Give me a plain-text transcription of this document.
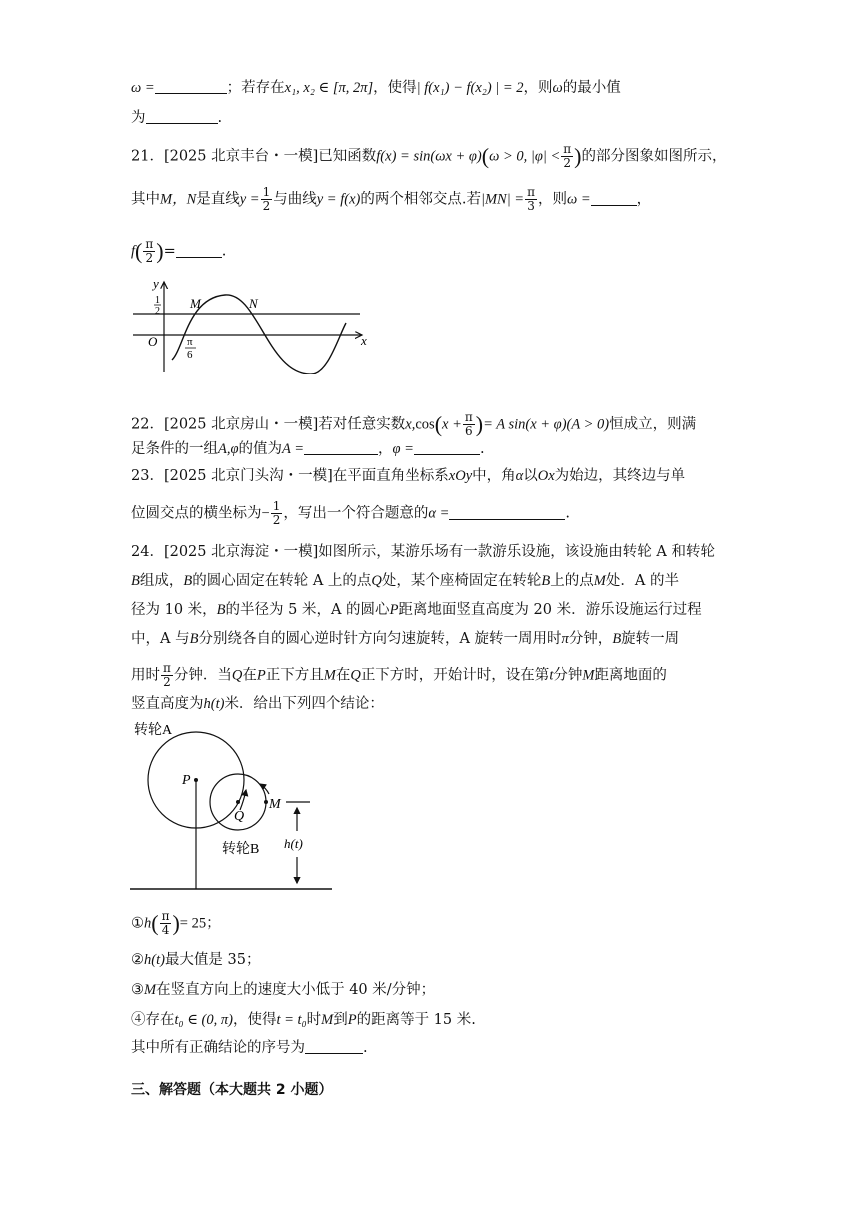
ω =	；若存在x₁, x₂ ∈ [π, 2π]，使得| f(x₁) − f(x₂) | = 2，则ω的最小值
为	.
21．[2025 北京丰台・一模]已知函数f(x) = sin(ωx + φ)(ω > 0, $|\varphi| < \frac{\pi}{2}$ )的部分图象如图所示，
其中M，N是直线$y = \frac{1}{2}$ 与曲线y = f(x)的两个相邻交点.若$|MN| = \frac{\pi}{3}$ ，则ω =	，
$f( \frac{\pi}{2}$ )=	.
y
1
2
M	N
O	π
6
x
22．[2025 北京房山・一模]若对任意实数$x,\cos(x + \frac{\pi}{6}$ )= A sin(x + φ)(A > 0)恒成立，则满
足条件的一组A,φ的值为A =	，φ =	.
23．[2025 北京门头沟・一模]在平面直角坐标系xOy中，角α以Ox为始边，其终边与单
位圆交点的横坐标为− $\frac{1}{2}$ ，写出一个符合题意的α =	.
24．[2025 北京海淀・一模]如图所示，某游乐场有一款游乐设施，该设施由转轮 A 和转轮
B组成，B的圆心固定在转轮 A 上的点Q处，某个座椅固定在转轮B上的点M处．A 的半
径为 10 米，B的半径为 5 米，A 的圆心P距离地面竖直高度为 20 米．游乐设施运行过程
中，A 与B分别绕各自的圆心逆时针方向匀速旋转，A 旋转一周用时π分钟，B旋转一周
用时 $\frac{\pi}{2}$ 分钟．当Q在P正下方且M在Q正下方时，开始计时，设在第t分钟M距离地面的
竖直高度为h(t)米．给出下列四个结论：
转轮A
P
Q
M
转轮B h(t)
①h( $\frac{\pi}{4}$ )= 25；
②h(t)最大值是 35；
③M在竖直方向上的速度大小低于 40 米/分钟；
④存在t₀ ∈ (0, π)，使得t = t₀时M到P的距离等于 15 米.
其中所有正确结论的序号为	.
三、解答题（本大题共 2 小题）
